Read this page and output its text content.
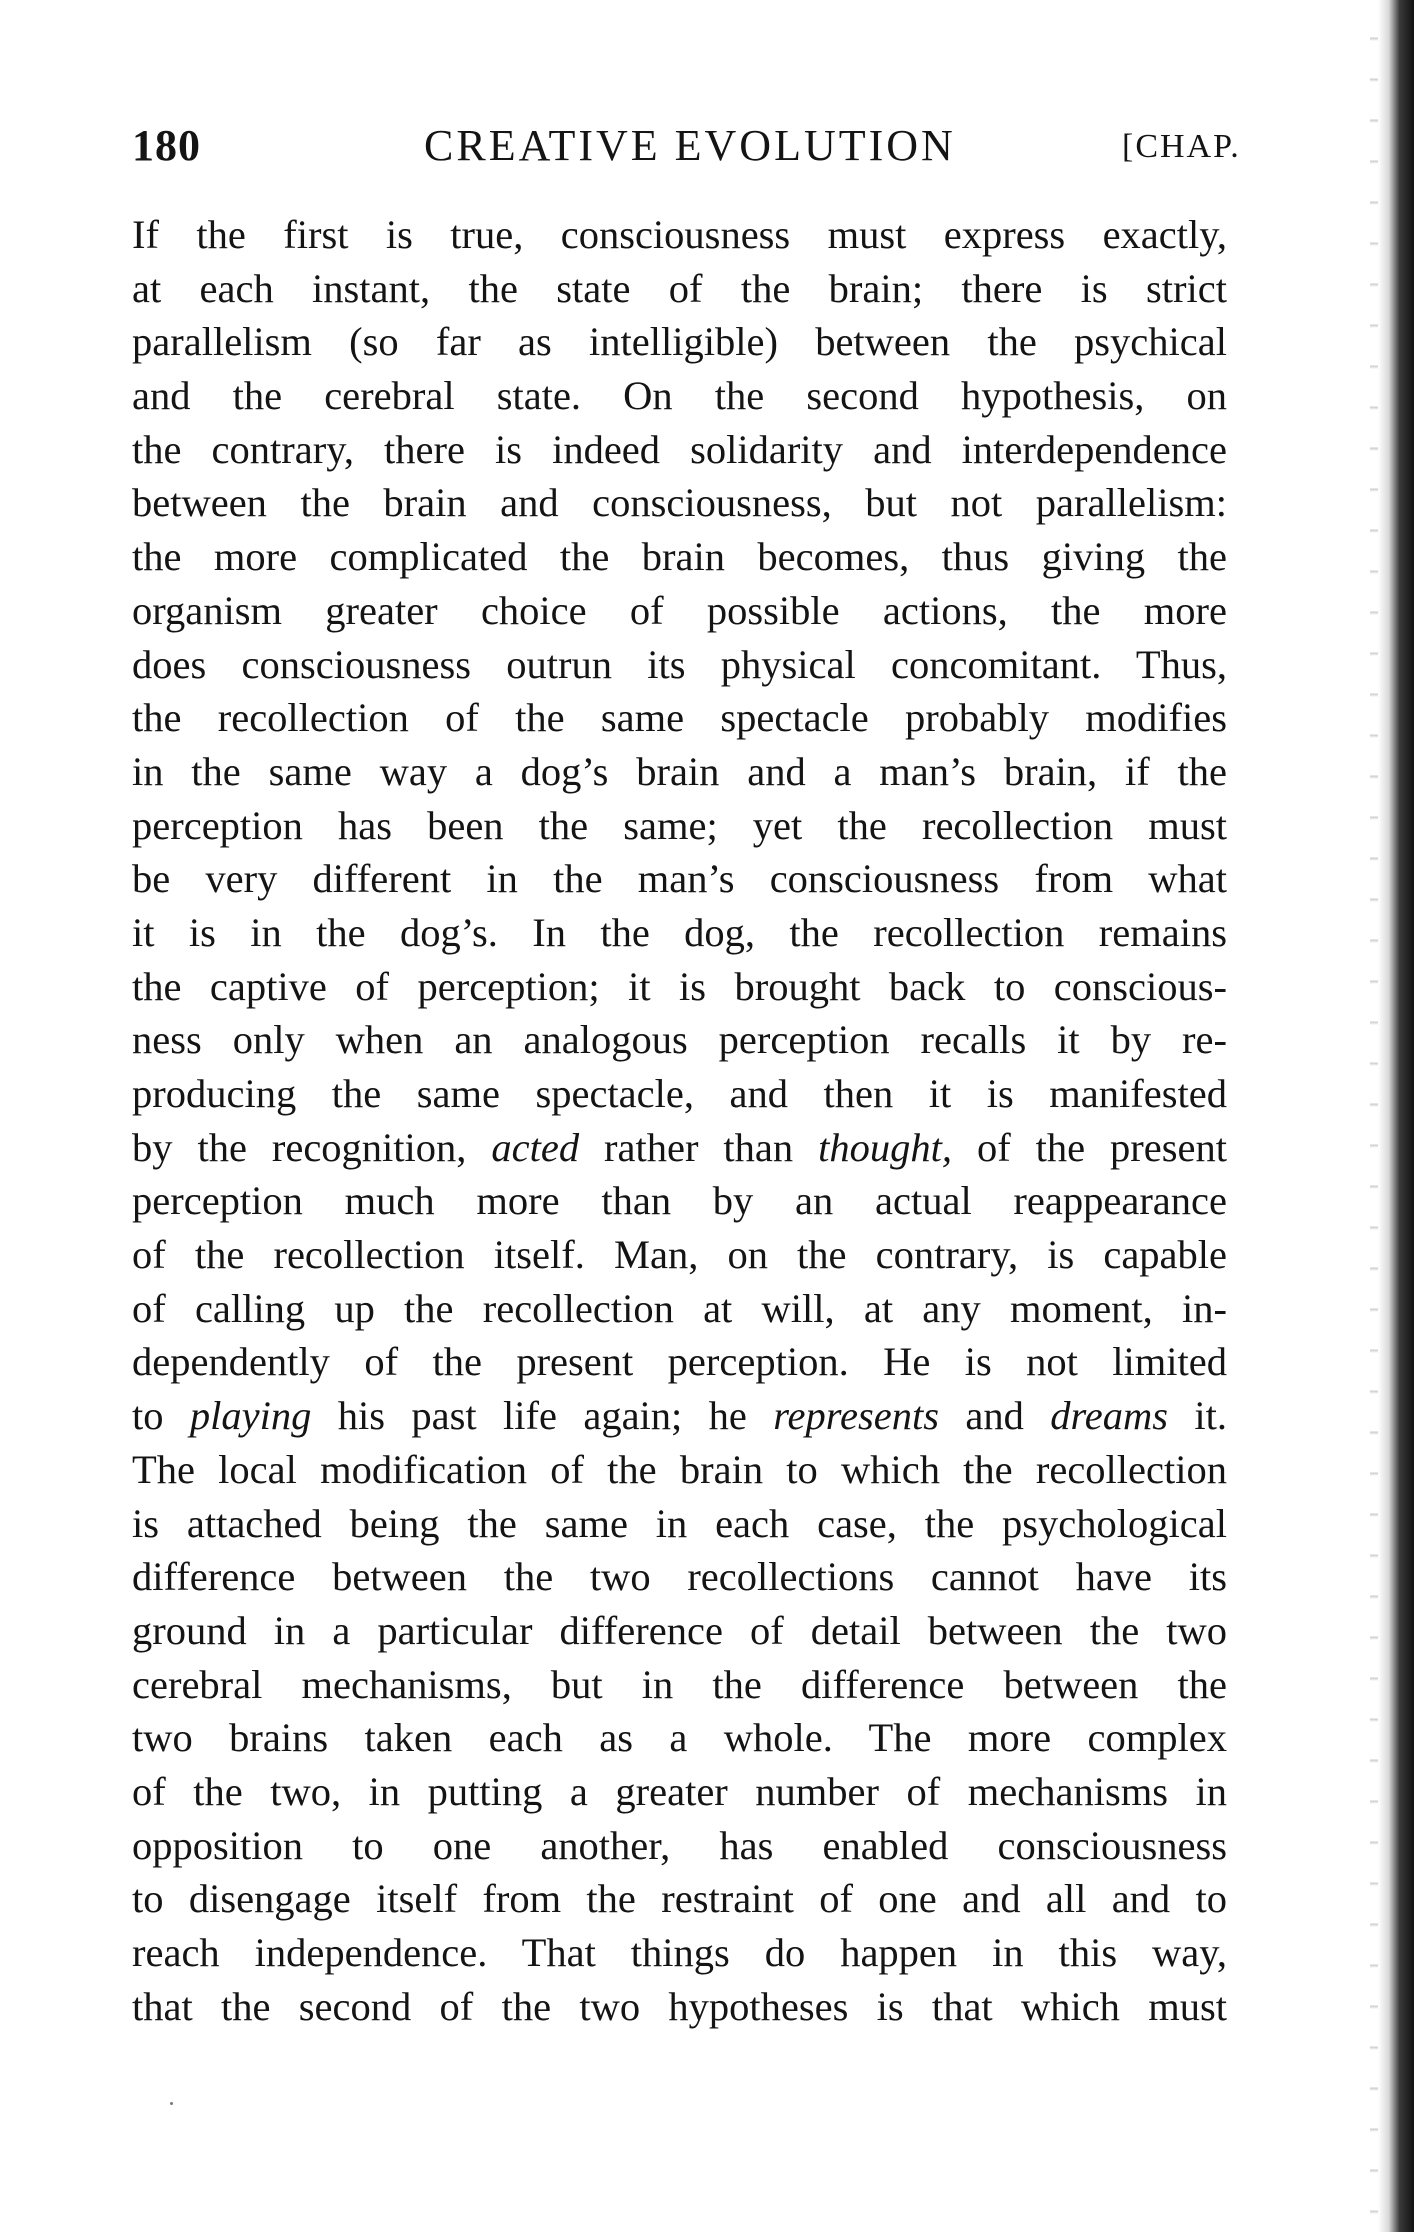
180	CREATIVE EVOLUTION	[CHAP.
If the first is true, consciousness must express exactly,
at each instant, the state of the brain; there is strict
parallelism (so far as intelligible) between the psychical
and the cerebral state. On the second hypothesis, on
the contrary, there is indeed solidarity and interdependence
between the brain and consciousness, but not parallelism:
the more complicated the brain becomes, thus giving the
organism greater choice of possible actions, the more
does consciousness outrun its physical concomitant. Thus,
the recollection of the same spectacle probably modifies
in the same way a dog’s brain and a man’s brain, if the
perception has been the same; yet the recollection must
be very different in the man’s consciousness from what
it is in the dog’s. In the dog, the recollection remains
the captive of perception; it is brought back to conscious-
ness only when an analogous perception recalls it by re-
producing the same spectacle, and then it is manifested
by the recognition, acted rather than thought, of the present
perception much more than by an actual reappearance
of the recollection itself. Man, on the contrary, is capable
of calling up the recollection at will, at any moment, in-
dependently of the present perception. He is not limited
to playing his past life again; he represents and dreams it.
The local modification of the brain to which the recollection
is attached being the same in each case, the psychological
difference between the two recollections cannot have its
ground in a particular difference of detail between the two
cerebral mechanisms, but in the difference between the
two brains taken each as a whole. The more complex
of the two, in putting a greater number of mechanisms in
opposition to one another, has enabled consciousness
to disengage itself from the restraint of one and all and to
reach independence. That things do happen in this way,
that the second of the two hypotheses is that which must
